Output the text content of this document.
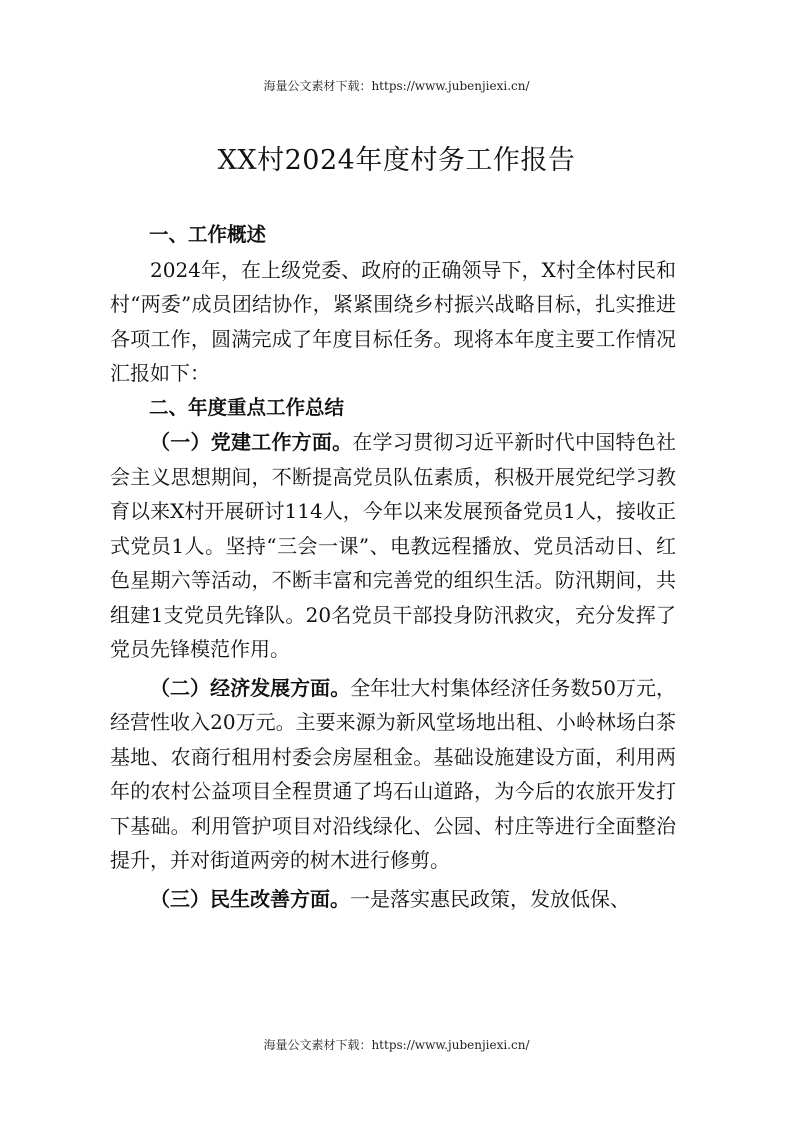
海量公文素材下载：https://www.jubenjiexi.cn/
XX村2024年度村务工作报告

一、工作概述

2024年，在上级党委、政府的正确领导下，X村全体村民和村“两委”成员团结协作，紧紧围绕乡村振兴战略目标，扎实推进各项工作，圆满完成了年度目标任务。现将本年度主要工作情况汇报如下：

二、年度重点工作总结

（一）党建工作方面。在学习贯彻习近平新时代中国特色社会主义思想期间，不断提高党员队伍素质，积极开展党纪学习教育以来X村开展研讨114人，今年以来发展预备党员1人，接收正式党员1人。坚持“三会一课”、电教远程播放、党员活动日、红色星期六等活动，不断丰富和完善党的组织生活。防汛期间，共组建1支党员先锋队。20名党员干部投身防汛救灾，充分发挥了党员先锋模范作用。

（二）经济发展方面。全年壮大村集体经济任务数50万元，经营性收入20万元。主要来源为新风堂场地出租、小岭林场白茶基地、农商行租用村委会房屋租金。基础设施建设方面，利用两年的农村公益项目全程贯通了坞石山道路，为今后的农旅开发打下基础。利用管护项目对沿线绿化、公园、村庄等进行全面整治提升，并对街道两旁的树木进行修剪。

（三）民生改善方面。一是落实惠民政策，发放低保、

海量公文素材下载：https://www.jubenjiexi.cn/
